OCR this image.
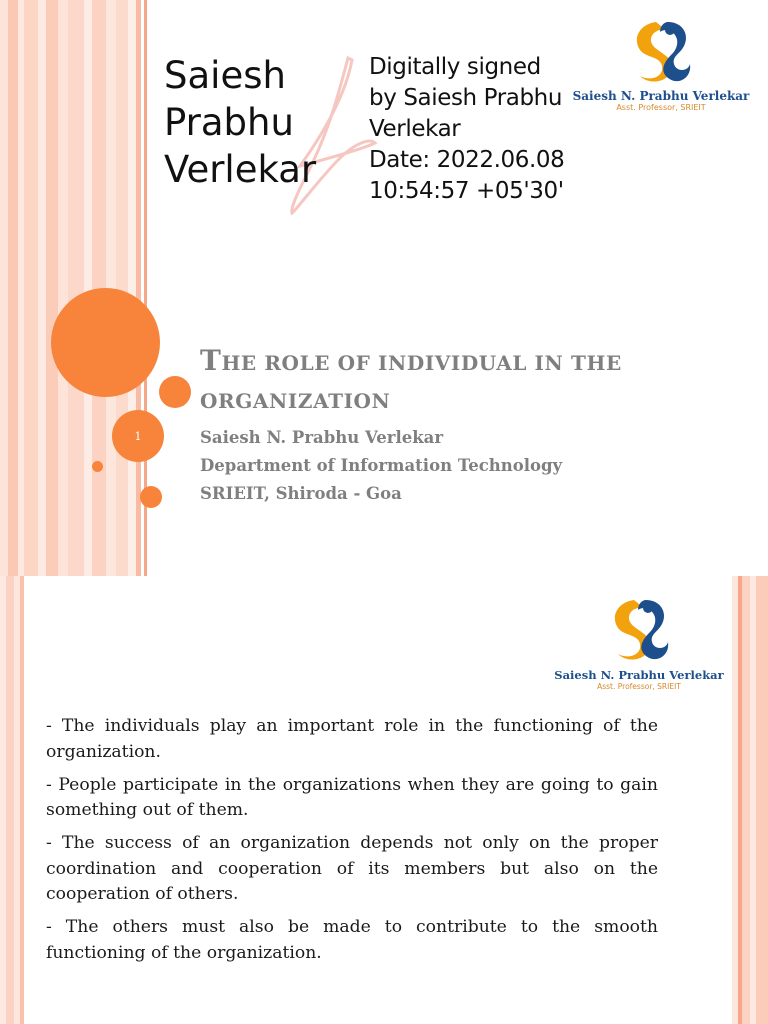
Saiesh
Prabhu
Verlekar
Digitally signed
by Saiesh Prabhu
Verlekar
Date: 2022.06.08
10:54:57 +05'30'
Saiesh N. Prabhu Verlekar
Asst. Professor, SRIEIT
1
THE ROLE OF INDIVIDUAL IN THE
ORGANIZATION
Saiesh N. Prabhu Verlekar
Department of Information Technology
SRIEIT, Shiroda - Goa
Saiesh N. Prabhu Verlekar
Asst. Professor, SRIEIT

- The individuals play an important role in the functioning of the organization.

- People participate in the organizations when they are going to gain something out of them.

- The success of an organization depends not only on the proper coordination and cooperation of its members but also on the cooperation of others.

- The others must also be made to contribute to the smooth functioning of the organization.
